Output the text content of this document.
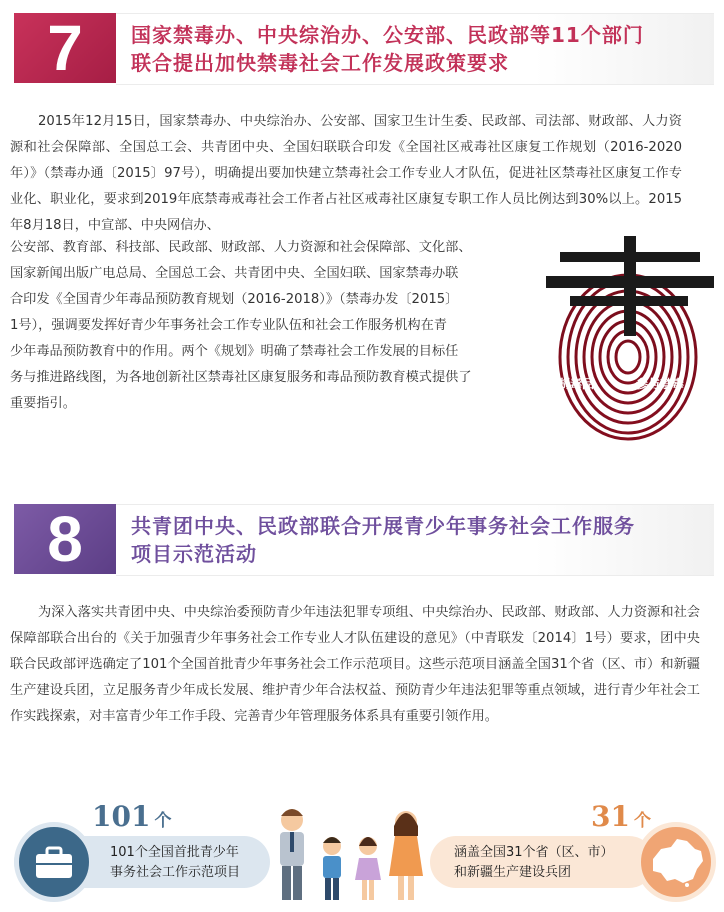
7	国家禁毒办、中央综治办、公安部、民政部等11个部门
联合提出加快禁毒社会工作发展政策要求

2015年12月15日，国家禁毒办、中央综治办、公安部、国家卫生计生委、民政部、司法部、财政部、人力资源和社会保障部、全国总工会、共青团中央、全国妇联联合印发《全国社区戒毒社区康复工作规划（2016-2020年）》（禁毒办通〔2015〕97号），明确提出要加快建立禁毒社会工作专业人才队伍，促进社区禁毒社区康复工作专业化、职业化，要求到2019年底禁毒戒毒社会工作者占社区戒毒社区康复专职工作人员比例达到30%以上。2015年8月18日，中宣部、中央网信办、

公安部、教育部、科技部、民政部、财政部、人力资源和社会保障部、文化部、
国家新闻出版广电总局、全国总工会、共青团中央、全国妇联、国家禁毒办联
合印发《全国青少年毒品预防教育规划（2016-2018）》（禁毒办发〔2015〕
1号），强调要发挥好青少年事务社会工作专业队伍和社会工作服务机构在青
少年毒品预防教育中的作用。两个《规划》明确了禁毒社会工作发展的目标任
务与推进路线图，为各地创新社区禁毒社区康复服务和毒品预防教育模式提供了
重要指引。
抵制毒品	参与禁毒
8	共青团中央、民政部联合开展青少年事务社会工作服务
项目示范活动

为深入落实共青团中央、中央综治委预防青少年违法犯罪专项组、中央综治办、民政部、财政部、人力资源和社会保障部联合出台的《关于加强青少年事务社会工作专业人才队伍建设的意见》（中青联发〔2014〕1号）要求，团中央联合民政部评选确定了101个全国首批青少年事务社会工作示范项目。这些示范项目涵盖全国31个省（区、市）和新疆生产建设兵团，立足服务青少年成长发展、维护青少年合法权益、预防青少年违法犯罪等重点领域，进行青少年社会工作实践探索，对丰富青少年工作手段、完善青少年管理服务体系具有重要引领作用。

101 个
101个全国首批青少年
事务社会工作示范项目
31 个
涵盖全国31个省（区、市）
和新疆生产建设兵团
